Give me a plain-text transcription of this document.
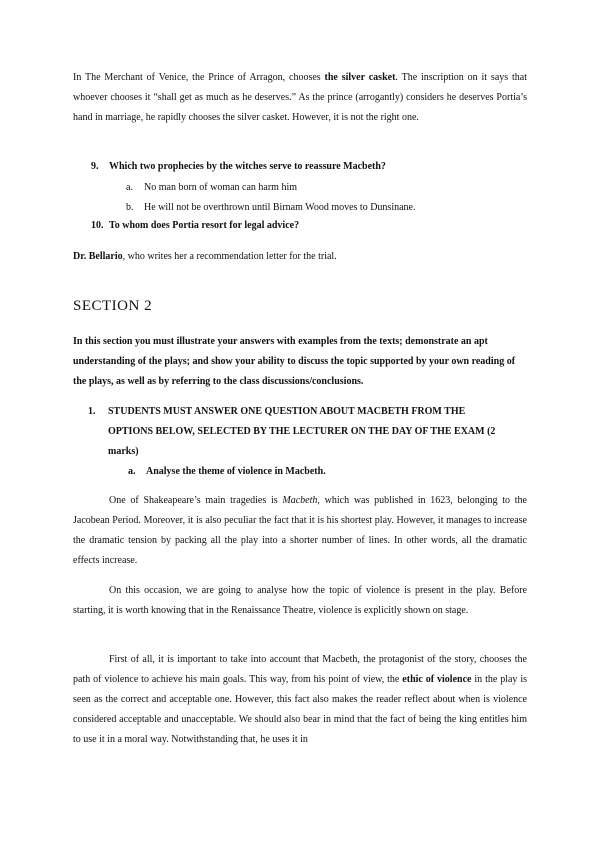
In The Merchant of Venice, the Prince of Arragon, chooses the silver casket. The inscription on it says that whoever chooses it “shall get as much as he deserves.” As the prince (arrogantly) considers he deserves Portia’s hand in marriage, he rapidly chooses the silver casket. However, it is not the right one.

9. Which two prophecies by the witches serve to reassure Macbeth?

a. No man born of woman can harm him

b. He will not be overthrown until Birnam Wood moves to Dunsinane.

10. To whom does Portia resort for legal advice?

Dr. Bellario, who writes her a recommendation letter for the trial.

SECTION 2

In this section you must illustrate your answers with examples from the texts; demonstrate an apt understanding of the plays; and show your ability to discuss the topic supported by your own reading of the plays, as well as by referring to the class discussions/conclusions.

1. STUDENTS MUST ANSWER ONE QUESTION ABOUT MACBETH FROM THE OPTIONS BELOW, SELECTED BY THE LECTURER ON THE DAY OF THE EXAM (2 marks)

a. Analyse the theme of violence in Macbeth.

One of Shakeapeare’s main tragedies is Macbeth, which was published in 1623, belonging to the Jacobean Period. Moreover, it is also peculiar the fact that it is his shortest play. However, it manages to increase the dramatic tension by packing all the play into a shorter number of lines. In other words, all the dramatic effects increase.

On this occasion, we are going to analyse how the topic of violence is present in the play. Before starting, it is worth knowing that in the Renaissance Theatre, violence is explicitly shown on stage.

First of all, it is important to take into account that Macbeth, the protagonist of the story, chooses the path of violence to achieve his main goals. This way, from his point of view, the ethic of violence in the play is seen as the correct and acceptable one. However, this fact also makes the reader reflect about when is violence considered acceptable and unacceptable. We should also bear in mind that the fact of being the king entitles him to use it in a moral way. Notwithstanding that, he uses it in
